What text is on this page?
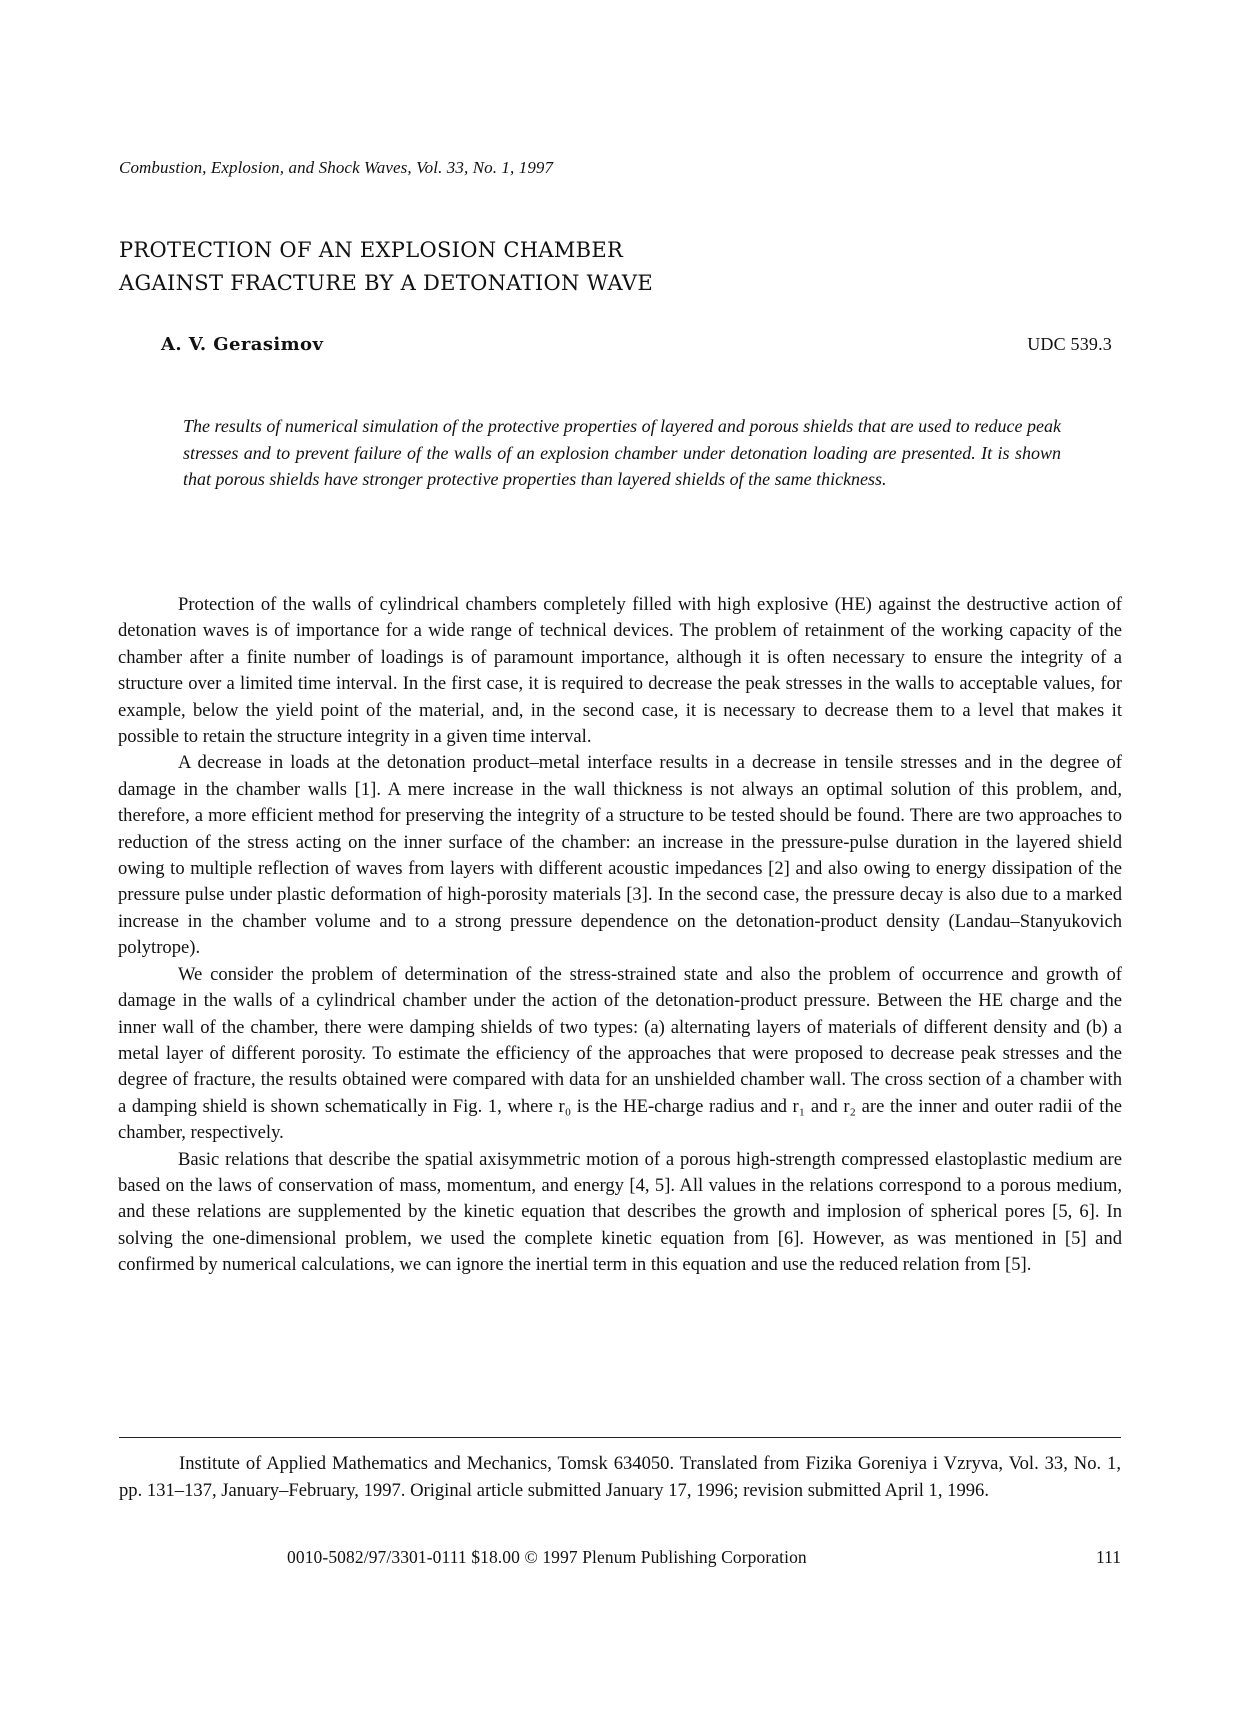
Combustion, Explosion, and Shock Waves, Vol. 33, No. 1, 1997
PROTECTION OF AN EXPLOSION CHAMBER
AGAINST FRACTURE BY A DETONATION WAVE
A. V. Gerasimov	UDC 539.3
The results of numerical simulation of the protective properties of layered and porous shields that are used to reduce peak stresses and to prevent failure of the walls of an explosion chamber under detonation loading are presented. It is shown that porous shields have stronger protective properties than layered shields of the same thickness.

Protection of the walls of cylindrical chambers completely filled with high explosive (HE) against the destructive action of detonation waves is of importance for a wide range of technical devices. The problem of retainment of the working capacity of the chamber after a finite number of loadings is of paramount importance, although it is often necessary to ensure the integrity of a structure over a limited time interval. In the first case, it is required to decrease the peak stresses in the walls to acceptable values, for example, below the yield point of the material, and, in the second case, it is necessary to decrease them to a level that makes it possible to retain the structure integrity in a given time interval.

A decrease in loads at the detonation product–metal interface results in a decrease in tensile stresses and in the degree of damage in the chamber walls [1]. A mere increase in the wall thickness is not always an optimal solution of this problem, and, therefore, a more efficient method for preserving the integrity of a structure to be tested should be found. There are two approaches to reduction of the stress acting on the inner surface of the chamber: an increase in the pressure-pulse duration in the layered shield owing to multiple reflection of waves from layers with different acoustic impedances [2] and also owing to energy dissipation of the pressure pulse under plastic deformation of high-porosity materials [3]. In the second case, the pressure decay is also due to a marked increase in the chamber volume and to a strong pressure dependence on the detonation-product density (Landau–Stanyukovich polytrope).

We consider the problem of determination of the stress-strained state and also the problem of occurrence and growth of damage in the walls of a cylindrical chamber under the action of the detonation-product pressure. Between the HE charge and the inner wall of the chamber, there were damping shields of two types: (a) alternating layers of materials of different density and (b) a metal layer of different porosity. To estimate the efficiency of the approaches that were proposed to decrease peak stresses and the degree of fracture, the results obtained were compared with data for an unshielded chamber wall. The cross section of a chamber with a damping shield is shown schematically in Fig. 1, where r₀ is the HE-charge radius and r₁ and r₂ are the inner and outer radii of the chamber, respectively.

Basic relations that describe the spatial axisymmetric motion of a porous high-strength compressed elastoplastic medium are based on the laws of conservation of mass, momentum, and energy [4, 5]. All values in the relations correspond to a porous medium, and these relations are supplemented by the kinetic equation that describes the growth and implosion of spherical pores [5, 6]. In solving the one-dimensional problem, we used the complete kinetic equation from [6]. However, as was mentioned in [5] and confirmed by numerical calculations, we can ignore the inertial term in this equation and use the reduced relation from [5].

Institute of Applied Mathematics and Mechanics, Tomsk 634050. Translated from Fizika Goreniya i Vzryva, Vol. 33, No. 1, pp. 131–137, January–February, 1997. Original article submitted January 17, 1996; revision submitted April 1, 1996.

0010-5082/97/3301-0111 $18.00 © 1997 Plenum Publishing Corporation	111
